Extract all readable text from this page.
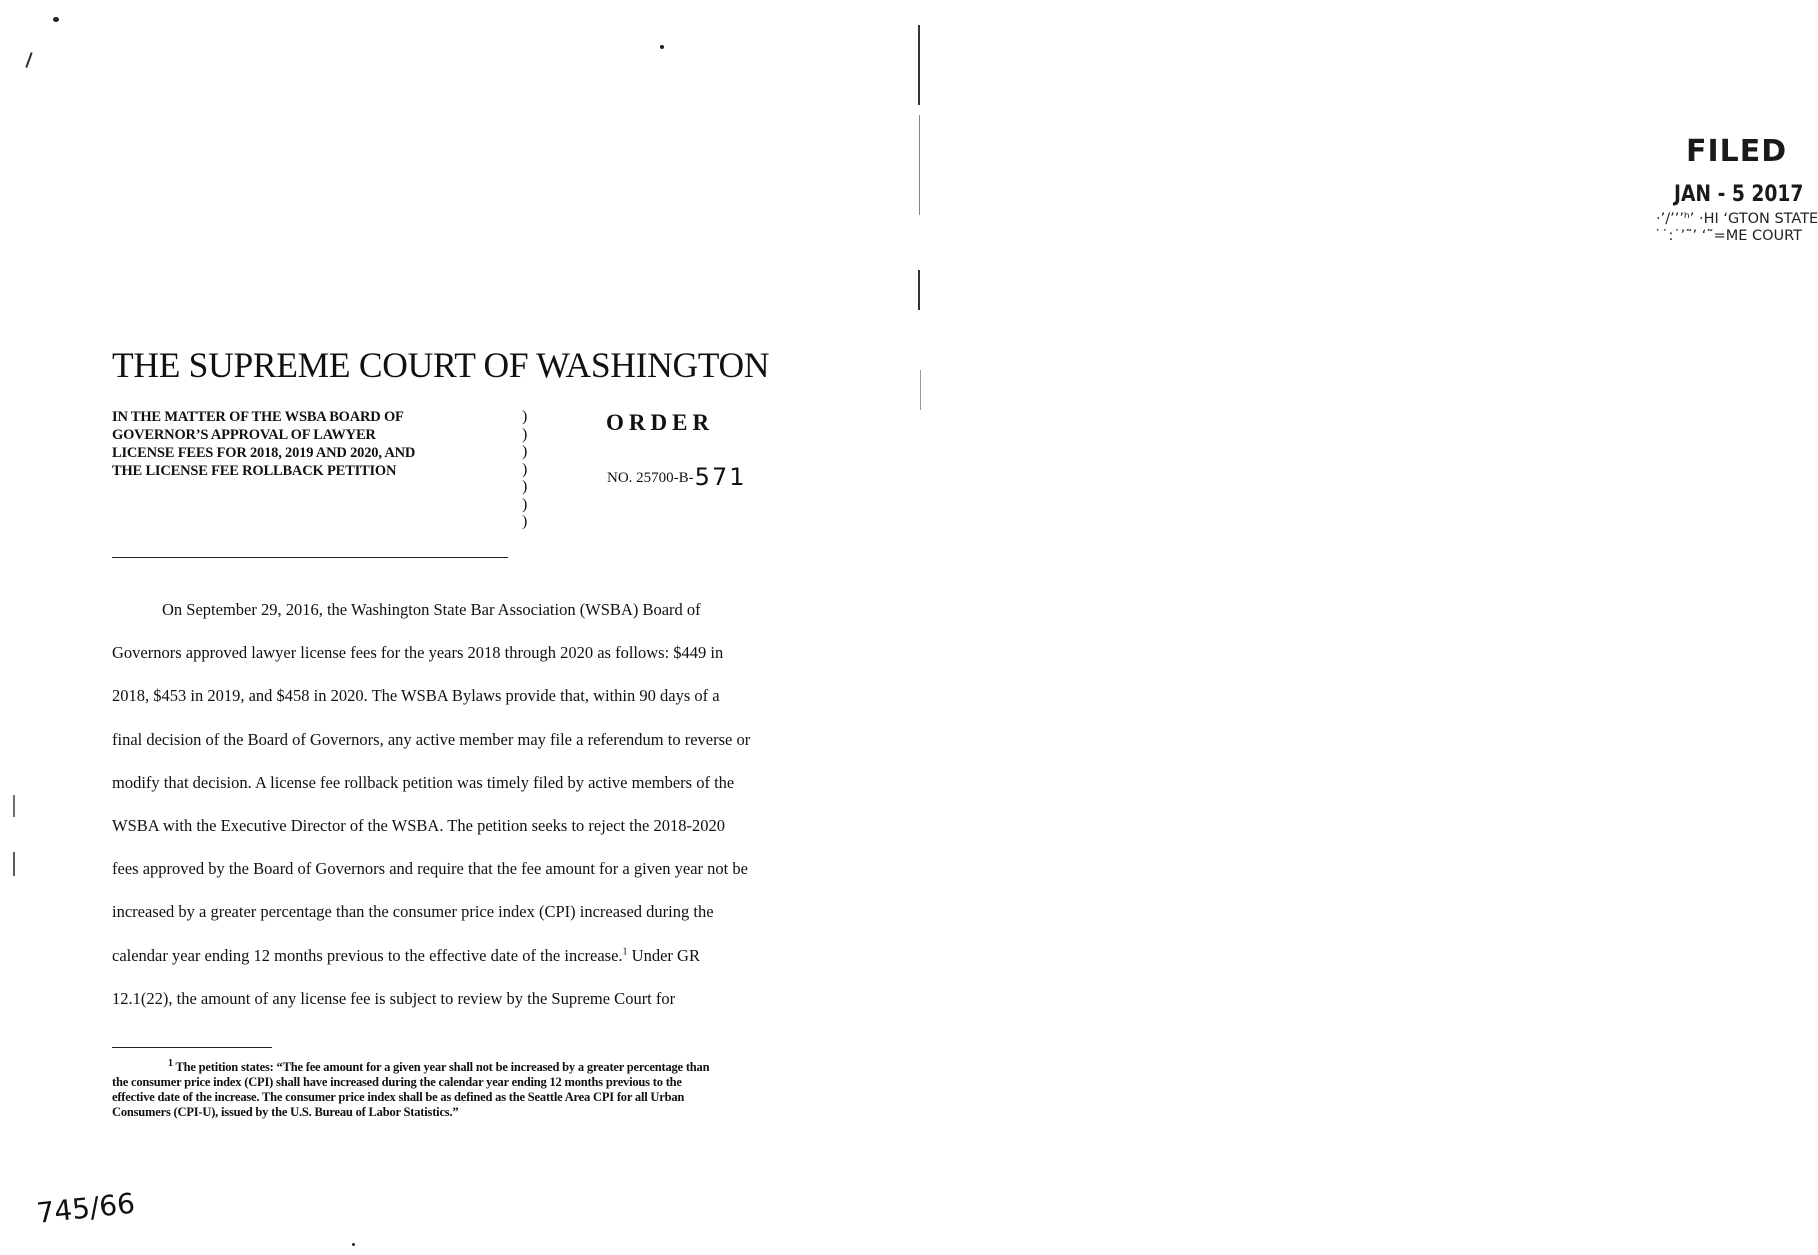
FILED
JAN - 5 2017
·’/’’’ʰ’ ·HI ‘GTON STATE
˙˙:˙’˜’ ‘˜=ME COURT
THE SUPREME COURT OF WASHINGTON
IN THE MATTER OF THE WSBA BOARD OF
GOVERNOR’S APPROVAL OF LAWYER
LICENSE FEES FOR 2018, 2019 AND 2020, AND
THE LICENSE FEE ROLLBACK PETITION
)
)
)
)
)
)
)
ORDER
NO. 25700-B-571
On September 29, 2016, the Washington State Bar Association (WSBA) Board of
Governors approved lawyer license fees for the years 2018 through 2020 as follows: $449 in
2018, $453 in 2019, and $458 in 2020. The WSBA Bylaws provide that, within 90 days of a
final decision of the Board of Governors, any active member may file a referendum to reverse or
modify that decision. A license fee rollback petition was timely filed by active members of the
WSBA with the Executive Director of the WSBA. The petition seeks to reject the 2018-2020
fees approved by the Board of Governors and require that the fee amount for a given year not be
increased by a greater percentage than the consumer price index (CPI) increased during the
calendar year ending 12 months previous to the effective date of the increase.$^1$ Under GR
12.1(22), the amount of any license fee is subject to review by the Supreme Court for
$^1$ The petition states: “The fee amount for a given year shall not be increased by a greater percentage than
the consumer price index (CPI) shall have increased during the calendar year ending 12 months previous to the
effective date of the increase. The consumer price index shall be as defined as the Seattle Area CPI for all Urban
Consumers (CPI-U), issued by the U.S. Bureau of Labor Statistics.”
745/66
